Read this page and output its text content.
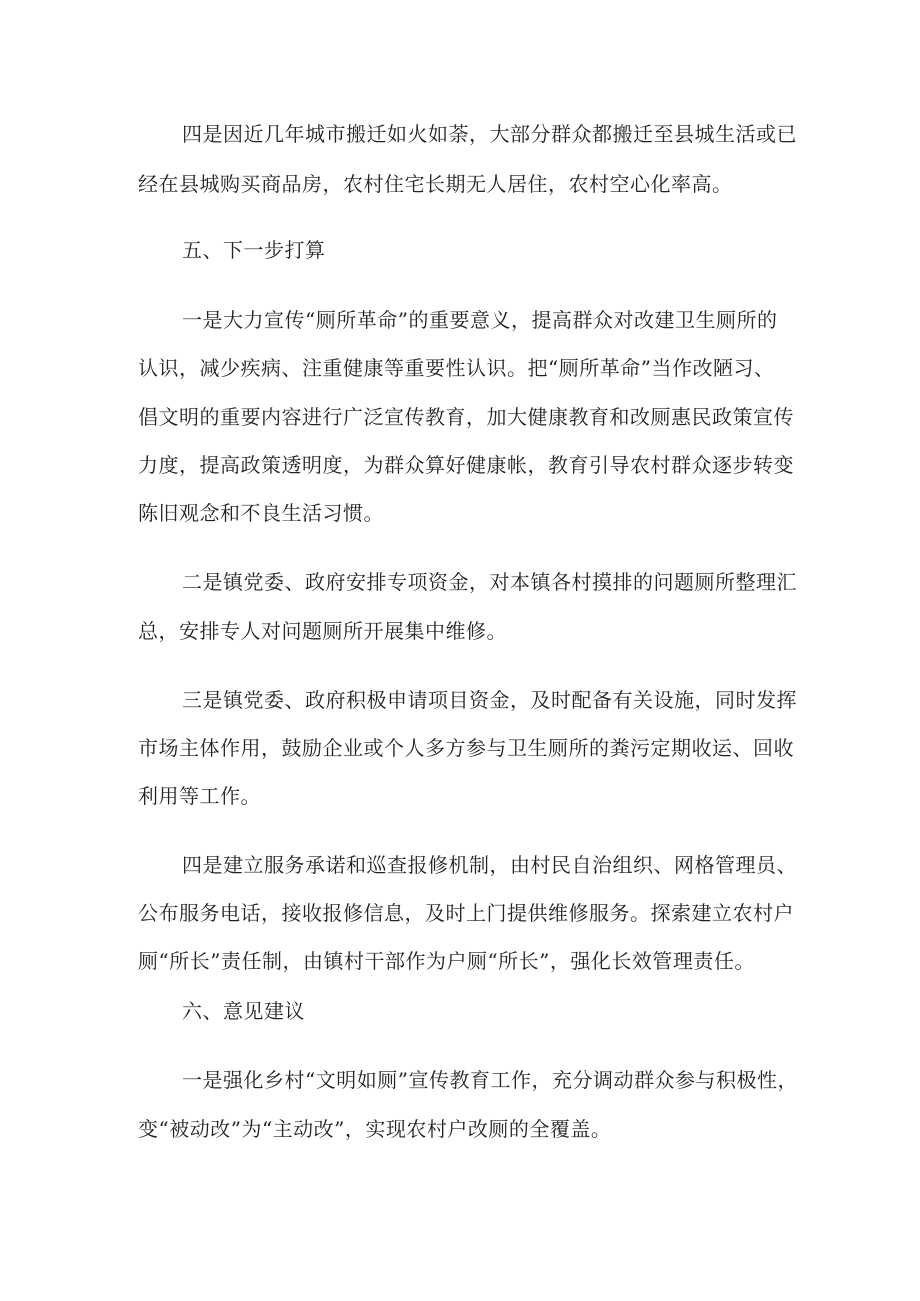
四是因近几年城市搬迁如火如荼，大部分群众都搬迁至县城生活或已
经在县城购买商品房，农村住宅长期无人居住，农村空心化率高。
五、下一步打算
一是大力宣传“厕所革命”的重要意义，提高群众对改建卫生厕所的
认识，减少疾病、注重健康等重要性认识。把“厕所革命”当作改陋习、
倡文明的重要内容进行广泛宣传教育，加大健康教育和改厕惠民政策宣传
力度，提高政策透明度，为群众算好健康帐，教育引导农村群众逐步转变
陈旧观念和不良生活习惯。
二是镇党委、政府安排专项资金，对本镇各村摸排的问题厕所整理汇
总，安排专人对问题厕所开展集中维修。
三是镇党委、政府积极申请项目资金，及时配备有关设施，同时发挥
市场主体作用，鼓励企业或个人多方参与卫生厕所的粪污定期收运、回收
利用等工作。
四是建立服务承诺和巡查报修机制，由村民自治组织、网格管理员、
公布服务电话，接收报修信息，及时上门提供维修服务。探索建立农村户
厕“所长”责任制，由镇村干部作为户厕“所长”，强化长效管理责任。
六、意见建议
一是强化乡村“文明如厕”宣传教育工作，充分调动群众参与积极性，
变“被动改”为“主动改”，实现农村户改厕的全覆盖。
